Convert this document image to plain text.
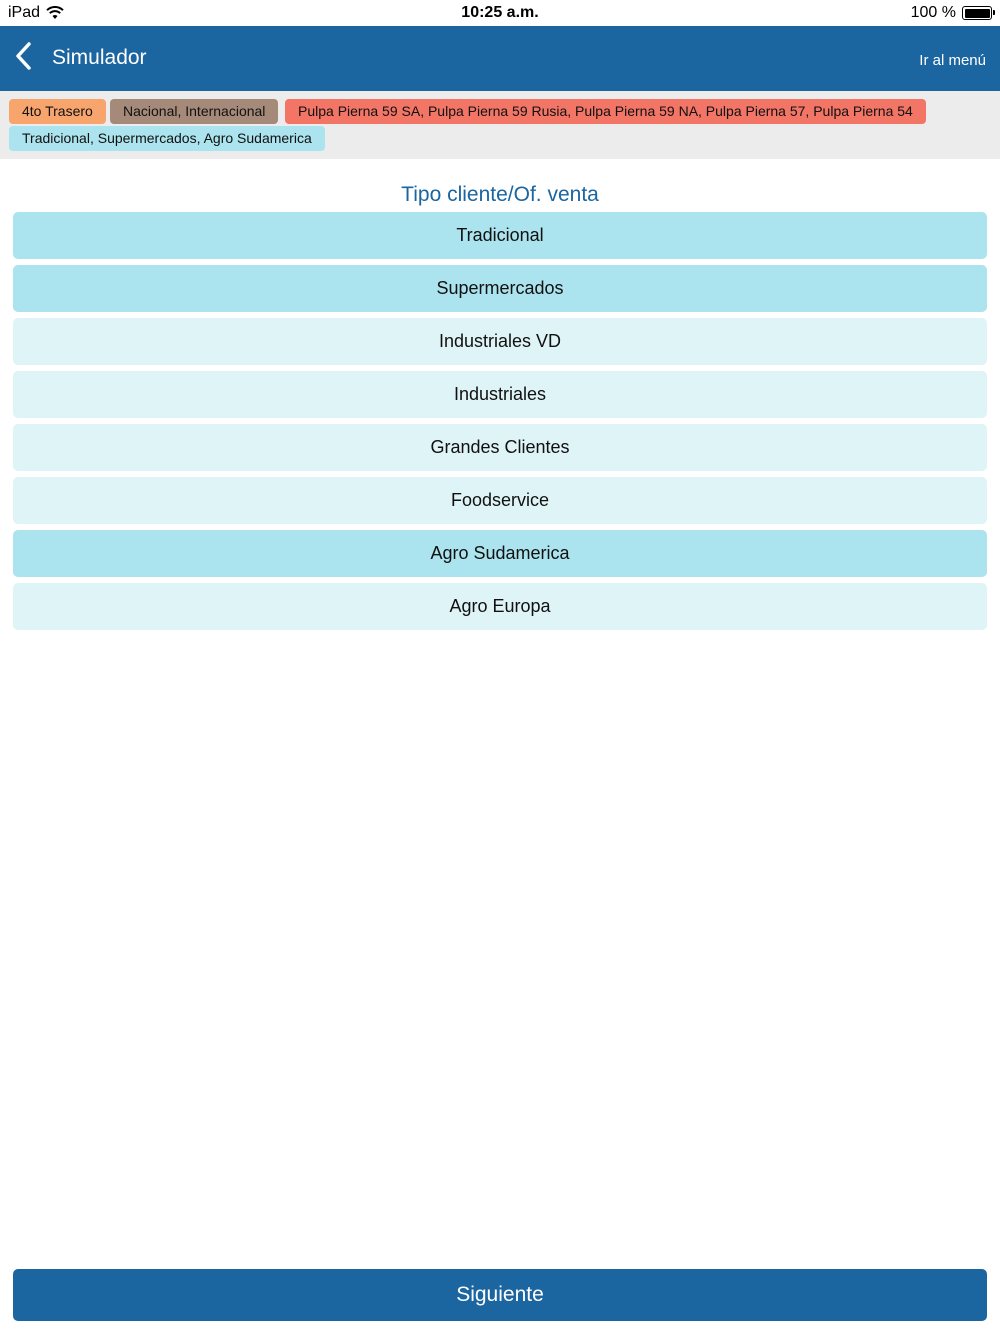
iPad	10:25 a.m.	100 %
Simulador	Ir al menú
4to Trasero	Nacional, Internacional	Pulpa Pierna 59 SA, Pulpa Pierna 59 Rusia, Pulpa Pierna 59 NA, Pulpa Pierna 57, Pulpa Pierna 54
Tradicional, Supermercados, Agro Sudamerica
Tipo cliente/Of. venta
Tradicional
Supermercados
Industriales VD
Industriales
Grandes Clientes
Foodservice
Agro Sudamerica
Agro Europa
Siguiente
